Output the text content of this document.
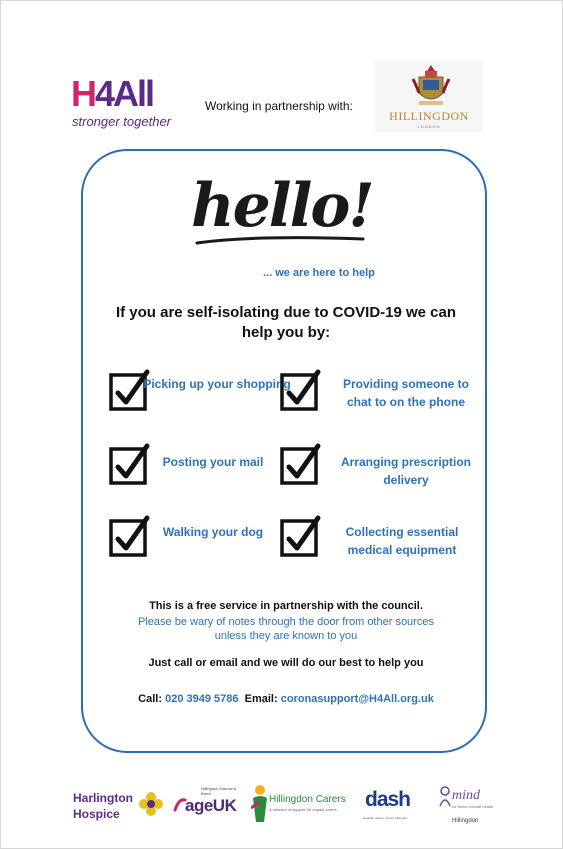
H4All
stronger together
Working in partnership with:
HILLINGDON
LONDON
hello!
... we are here to help
If you are self-isolating due to COVID-19 we can help you by:
Picking up your shopping	Providing someone to chat to on the phone
Posting your mail	Arranging prescription delivery
Walking your dog	Collecting essential medical equipment
This is a free service in partnership with the council.
Please be wary of notes through the door from other sources
unless they are known to you
Just call or email and we will do our best to help you
Call: 020 3949 5786 Email: coronasupport@H4All.org.uk
Harlington
Hospice
Hillingdon Harrow & Brent
ageUK	Hillingdon Carers
A network of support for unpaid carers dash
disability advice service hillingdon
mind
for better mental health
Hillingdon
